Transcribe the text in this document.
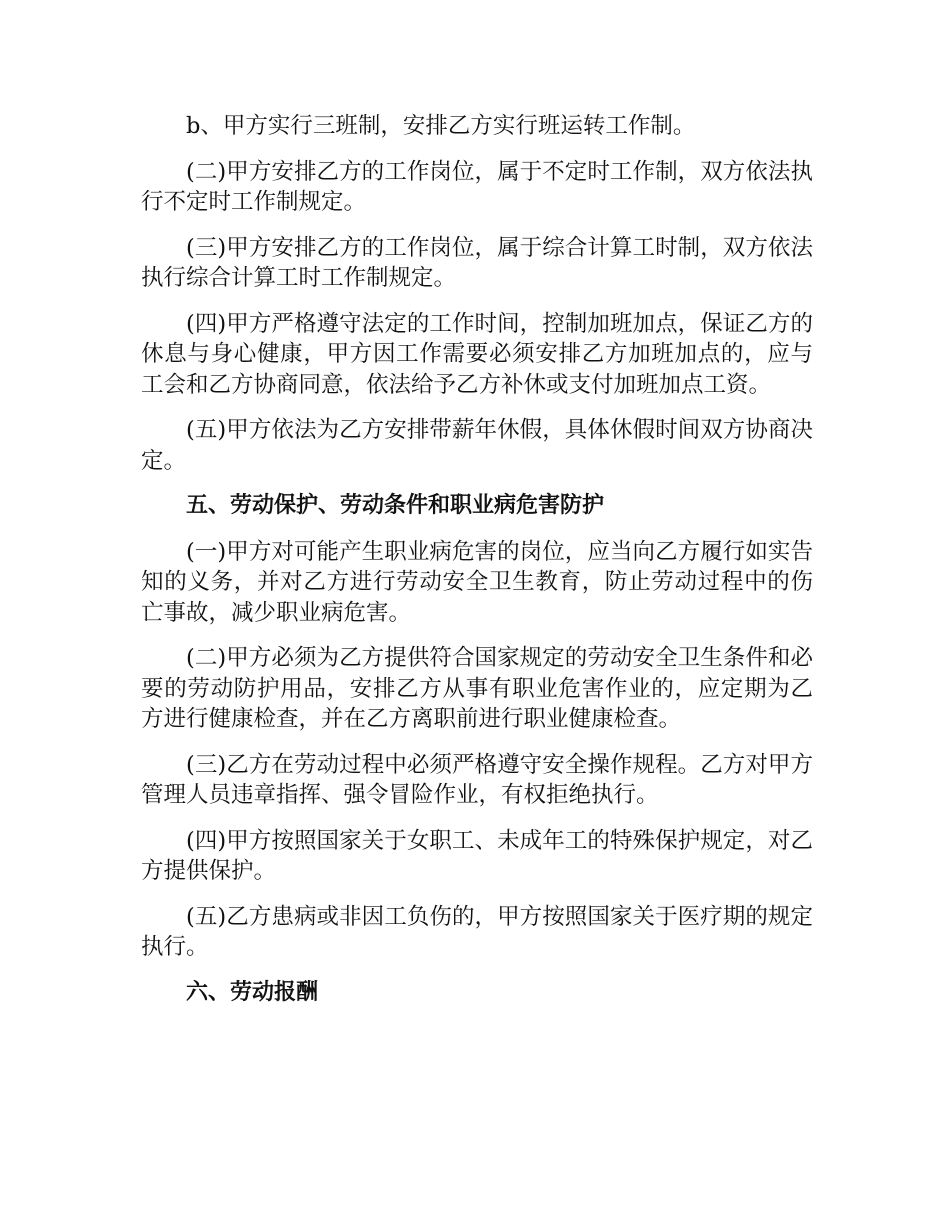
b、甲方实行三班制，安排乙方实行班运转工作制。

(二)甲方安排乙方的工作岗位，属于不定时工作制，双方依法执行不定时工作制规定。

(三)甲方安排乙方的工作岗位，属于综合计算工时制，双方依法执行综合计算工时工作制规定。

(四)甲方严格遵守法定的工作时间，控制加班加点，保证乙方的休息与身心健康，甲方因工作需要必须安排乙方加班加点的，应与工会和乙方协商同意，依法给予乙方补休或支付加班加点工资。

(五)甲方依法为乙方安排带薪年休假，具体休假时间双方协商决定。

五、劳动保护、劳动条件和职业病危害防护

(一)甲方对可能产生职业病危害的岗位，应当向乙方履行如实告知的义务，并对乙方进行劳动安全卫生教育，防止劳动过程中的伤亡事故，减少职业病危害。

(二)甲方必须为乙方提供符合国家规定的劳动安全卫生条件和必要的劳动防护用品，安排乙方从事有职业危害作业的，应定期为乙方进行健康检查，并在乙方离职前进行职业健康检查。

(三)乙方在劳动过程中必须严格遵守安全操作规程。乙方对甲方管理人员违章指挥、强令冒险作业，有权拒绝执行。

(四)甲方按照国家关于女职工、未成年工的特殊保护规定，对乙方提供保护。

(五)乙方患病或非因工负伤的，甲方按照国家关于医疗期的规定执行。

六、劳动报酬
